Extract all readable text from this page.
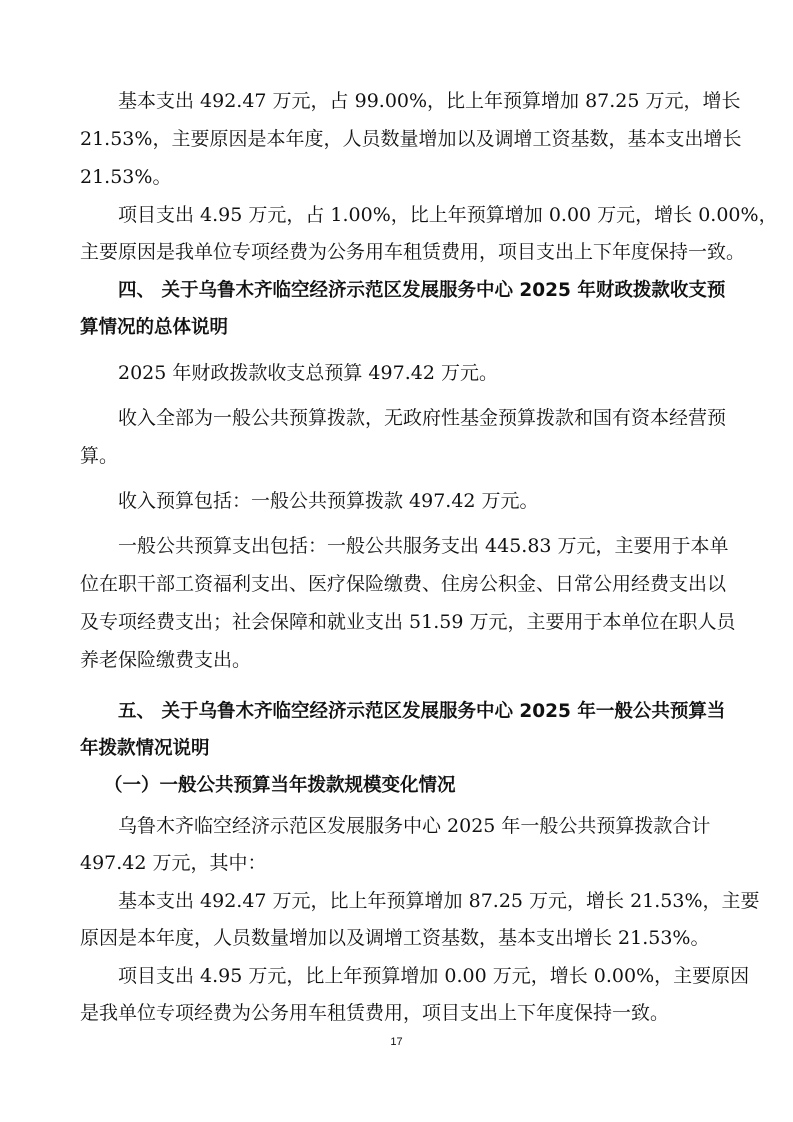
基本支出 492.47 万元，占 99.00%，比上年预算增加 87.25 万元，增长
21.53%，主要原因是本年度，人员数量增加以及调增工资基数，基本支出增长
21.53%。
项目支出 4.95 万元，占 1.00%，比上年预算增加 0.00 万元，增长 0.00%，
主要原因是我单位专项经费为公务用车租赁费用，项目支出上下年度保持一致。
四、 关于乌鲁木齐临空经济示范区发展服务中心 2025 年财政拨款收支预
算情况的总体说明
2025 年财政拨款收支总预算 497.42 万元。
收入全部为一般公共预算拨款，无政府性基金预算拨款和国有资本经营预
算。
收入预算包括：一般公共预算拨款 497.42 万元。
一般公共预算支出包括：一般公共服务支出 445.83 万元，主要用于本单
位在职干部工资福利支出、医疗保险缴费、住房公积金、日常公用经费支出以
及专项经费支出；社会保障和就业支出 51.59 万元，主要用于本单位在职人员
养老保险缴费支出。
五、 关于乌鲁木齐临空经济示范区发展服务中心 2025 年一般公共预算当
年拨款情况说明
（一）一般公共预算当年拨款规模变化情况
乌鲁木齐临空经济示范区发展服务中心 2025 年一般公共预算拨款合计
497.42 万元，其中：
基本支出 492.47 万元，比上年预算增加 87.25 万元，增长 21.53%，主要
原因是本年度，人员数量增加以及调增工资基数，基本支出增长 21.53%。
项目支出 4.95 万元，比上年预算增加 0.00 万元，增长 0.00%，主要原因
是我单位专项经费为公务用车租赁费用，项目支出上下年度保持一致。
17
